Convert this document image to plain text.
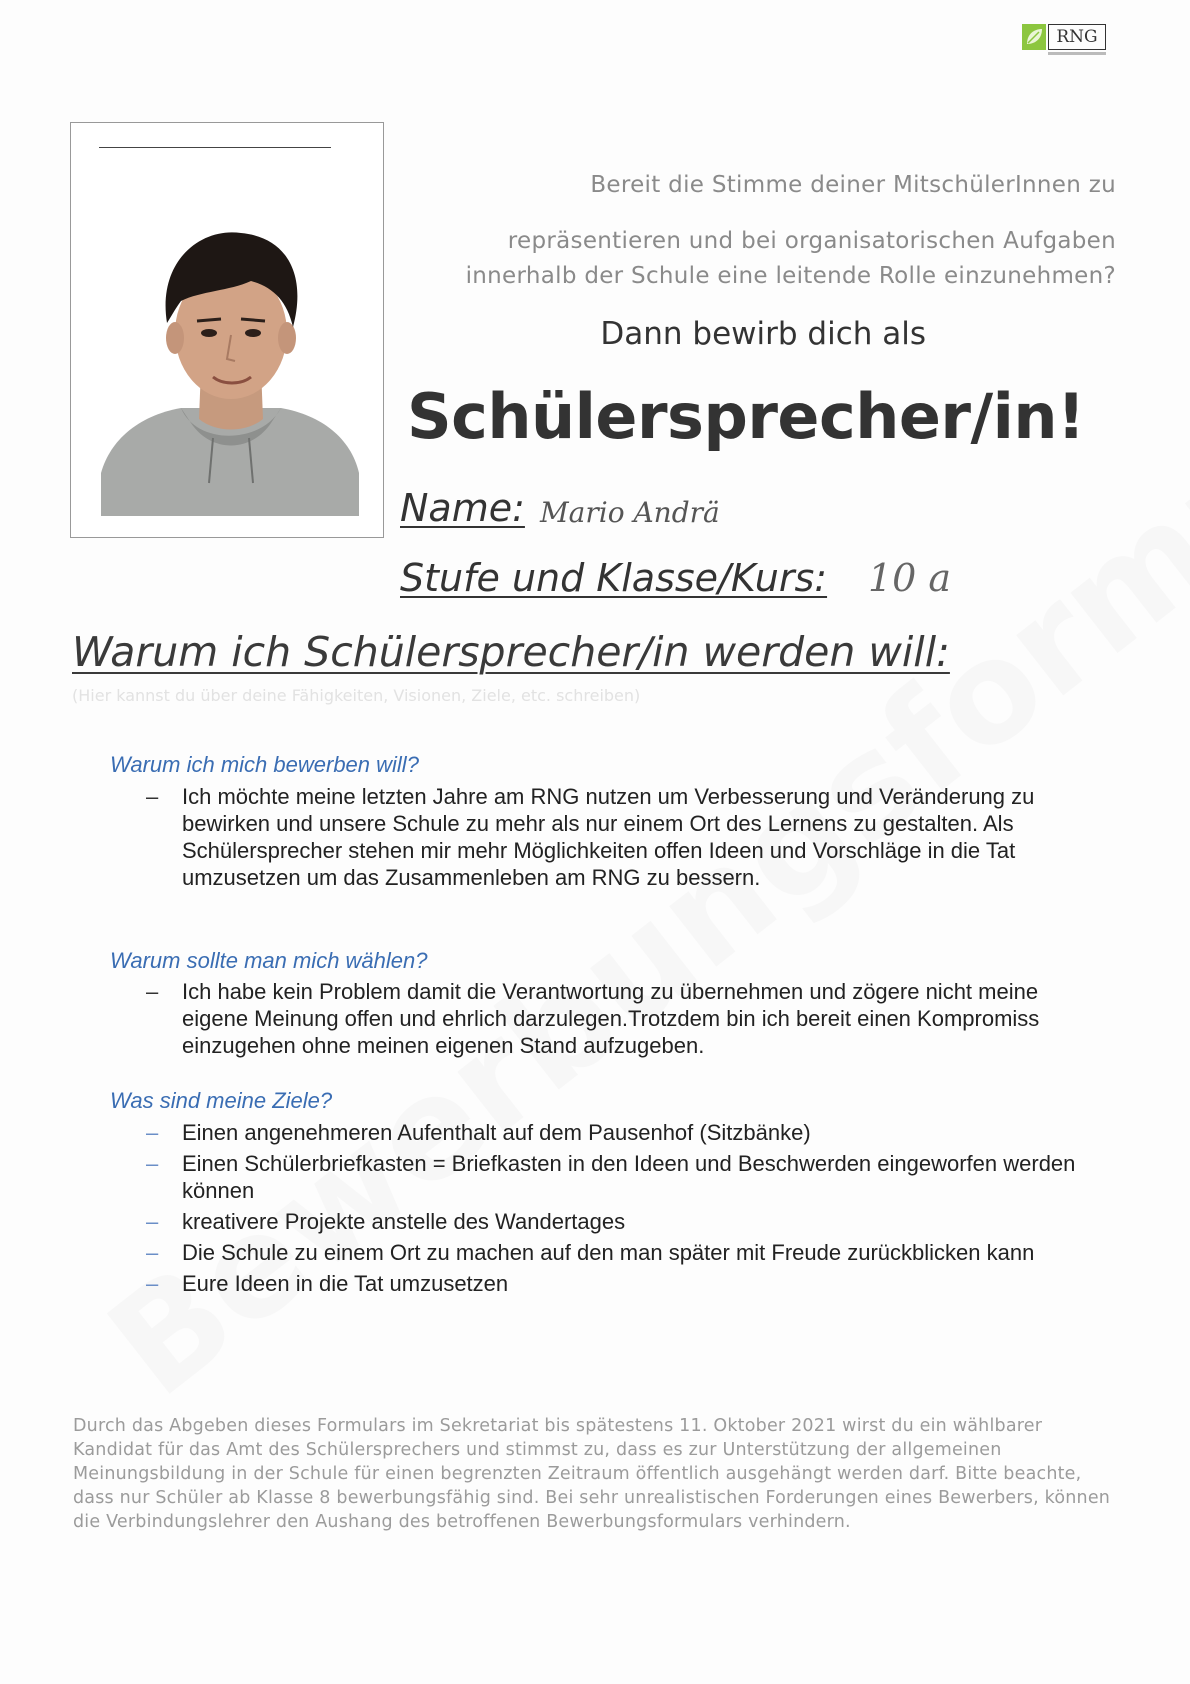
RNG
Bereit die Stimme deiner MitschülerInnen zu
repräsentieren und bei organisatorischen Aufgaben
innerhalb der Schule eine leitende Rolle einzunehmen?
Dann bewirb dich als
Schülersprecher/in!
Name: Mario Andrä
Stufe und Klasse/Kurs: 10 a
Warum ich Schülersprecher/in werden will:
(Hier kannst du über deine Fähigkeiten, Visionen, Ziele, etc. schreiben)
Warum ich mich bewerben will?
– Ich möchte meine letzten Jahre am RNG nutzen um Verbesserung und Veränderung zu bewirken und unsere Schule zu mehr als nur einem Ort des Lernens zu gestalten. Als Schülersprecher stehen mir mehr Möglichkeiten offen Ideen und Vorschläge in die Tat umzusetzen um das Zusammenleben am RNG zu bessern.
Warum sollte man mich wählen?
– Ich habe kein Problem damit die Verantwortung zu übernehmen und zögere nicht meine eigene Meinung offen und ehrlich darzulegen.Trotzdem bin ich bereit einen Kompromiss einzugehen ohne meinen eigenen Stand aufzugeben.
Was sind meine Ziele?
– Einen angenehmeren Aufenthalt auf dem Pausenhof (Sitzbänke)
– Einen Schülerbriefkasten = Briefkasten in den Ideen und Beschwerden eingeworfen werden können
– kreativere Projekte anstelle des Wandertages
– Die Schule zu einem Ort zu machen auf den man später mit Freude zurückblicken kann
– Eure Ideen in die Tat umzusetzen
Durch das Abgeben dieses Formulars im Sekretariat bis spätestens 11. Oktober 2021 wirst du ein wählbarer Kandidat für das Amt des Schülersprechers und stimmst zu, dass es zur Unterstützung der allgemeinen Meinungsbildung in der Schule für einen begrenzten Zeitraum öffentlich ausgehängt werden darf. Bitte beachte, dass nur Schüler ab Klasse 8 bewerbungsfähig sind. Bei sehr unrealistischen Forderungen eines Bewerbers, können die Verbindungslehrer den Aushang des betroffenen Bewerbungsformulars verhindern.
